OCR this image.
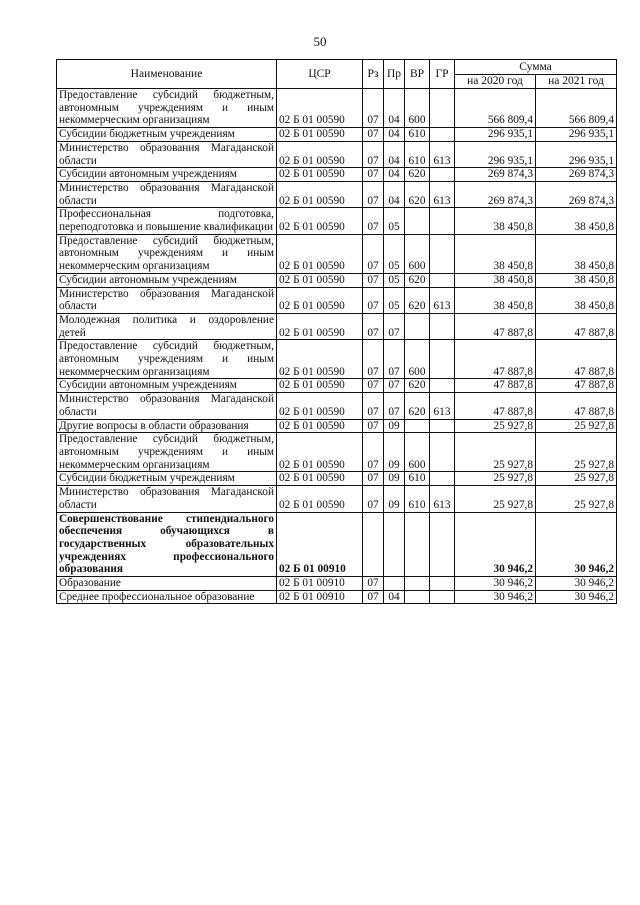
50
Наименование	ЦСР	Рз	Пр	ВР	ГР	Сумма	
						на 2020 год	на 2021 год
Предоставление субсидий бюджетным, автономным учреждениям и иным некоммерческим организациям	02 Б 01 00590	07	04	600		566 809,4	566 809,4
Субсидии бюджетным учреждениям	02 Б 01 00590	07	04	610		296 935,1	296 935,1
Министерство образования Магаданской области	02 Б 01 00590	07	04	610	613	296 935,1	296 935,1
Субсидии автономным учреждениям	02 Б 01 00590	07	04	620		269 874,3	269 874,3
Министерство образования Магаданской области	02 Б 01 00590	07	04	620	613	269 874,3	269 874,3
Профессиональная подготовка, переподготовка и повышение квалификации	02 Б 01 00590	07	05			38 450,8	38 450,8
Предоставление субсидий бюджетным, автономным учреждениям и иным некоммерческим организациям	02 Б 01 00590	07	05	600		38 450,8	38 450,8
Субсидии автономным учреждениям	02 Б 01 00590	07	05	620		38 450,8	38 450,8
Министерство образования Магаданской области	02 Б 01 00590	07	05	620	613	38 450,8	38 450,8
Молодежная политика и оздоровление детей	02 Б 01 00590	07	07			47 887,8	47 887,8
Предоставление субсидий бюджетным, автономным учреждениям и иным некоммерческим организациям	02 Б 01 00590	07	07	600		47 887,8	47 887,8
Субсидии автономным учреждениям	02 Б 01 00590	07	07	620		47 887,8	47 887,8
Министерство образования Магаданской области	02 Б 01 00590	07	07	620	613	47 887,8	47 887,8
Другие вопросы в области образования	02 Б 01 00590	07	09			25 927,8	25 927,8
Предоставление субсидий бюджетным, автономным учреждениям и иным некоммерческим организациям	02 Б 01 00590	07	09	600		25 927,8	25 927,8
Субсидии бюджетным учреждениям	02 Б 01 00590	07	09	610		25 927,8	25 927,8
Министерство образования Магаданской области	02 Б 01 00590	07	09	610	613	25 927,8	25 927,8
Совершенствование стипендиального обеспечения обучающихся в государственных образовательных учреждениях профессионального образования	02 Б 01 00910					30 946,2	30 946,2
Образование	02 Б 01 00910	07				30 946,2	30 946,2
Среднее профессиональное образование	02 Б 01 00910	07	04			30 946,2	30 946,2
